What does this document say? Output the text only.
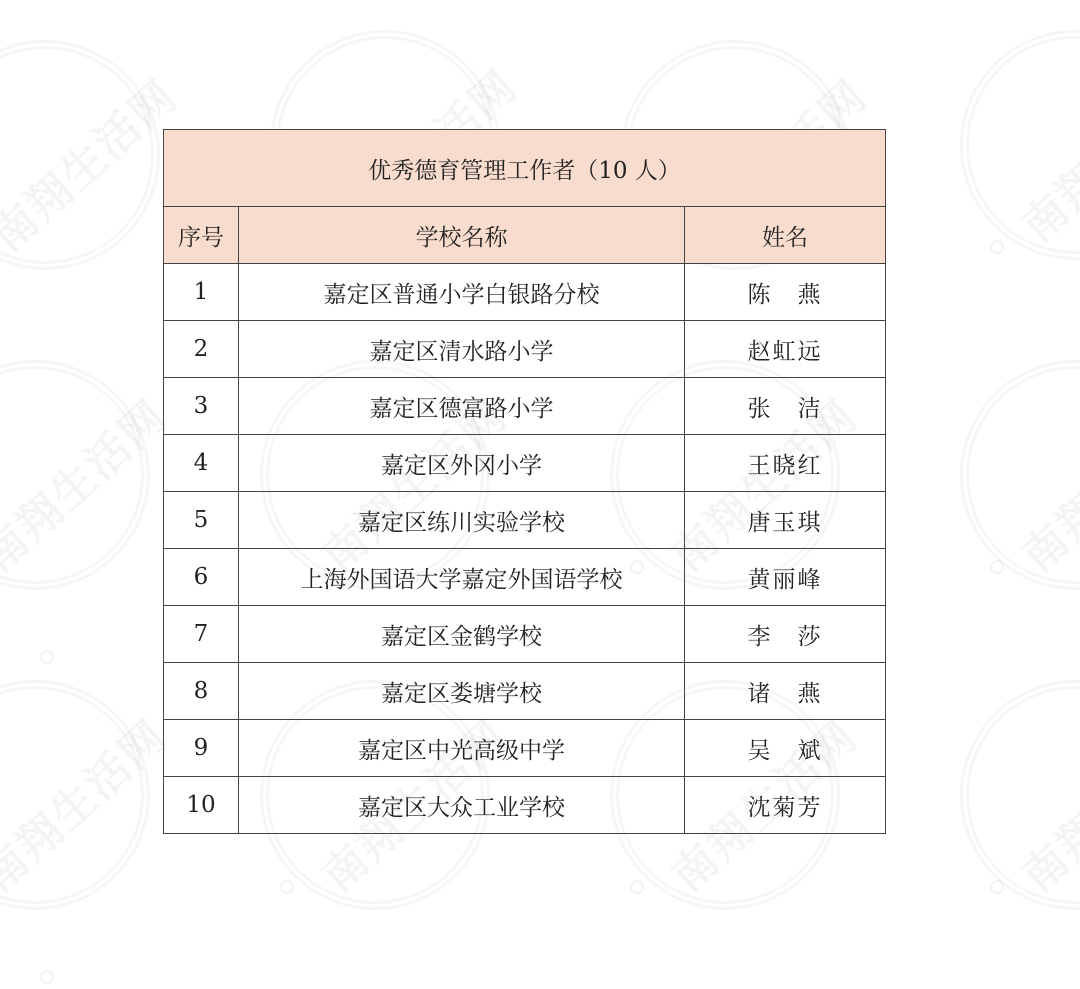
优秀德育管理工作者（10 人）		
序号	学校名称	姓名
1	嘉定区普通小学白银路分校	陈　燕
2	嘉定区清水路小学	赵虹远
3	嘉定区德富路小学	张　洁
4	嘉定区外冈小学	王晓红
5	嘉定区练川实验学校	唐玉琪
6	上海外国语大学嘉定外国语学校	黄丽峰
7	嘉定区金鹤学校	李　莎
8	嘉定区娄塘学校	诸　燕
9	嘉定区中光高级中学	吴　斌
10	嘉定区大众工业学校	沈菊芳
